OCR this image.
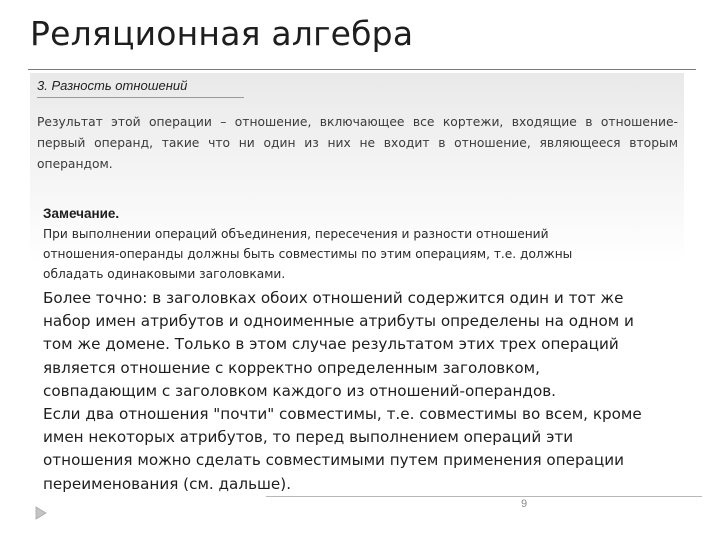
Реляционная алгебра
3. Разность отношений
Результат этой операции – отношение, включающее все кортежи, входящие в отношение-первый операнд, такие что ни один из них не входит в отношение, являющееся вторым операндом.
Замечание.
При выполнении операций объединения, пересечения и разности отношений
отношения-операнды должны быть совместимы по этим операциям, т.е. должны
обладать одинаковыми заголовками.
Более точно: в заголовках обоих отношений содержится один и тот же
набор имен атрибутов и одноименные атрибуты определены на одном и
том же домене. Только в этом случае результатом этих трех операций
является отношение с корректно определенным заголовком,
совпадающим с заголовком каждого из отношений-операндов.
Если два отношения "почти" совместимы, т.е. совместимы во всем, кроме
имен некоторых атрибутов, то перед выполнением операций эти
отношения можно сделать совместимыми путем применения операции
переименования (см. дальше).
9
